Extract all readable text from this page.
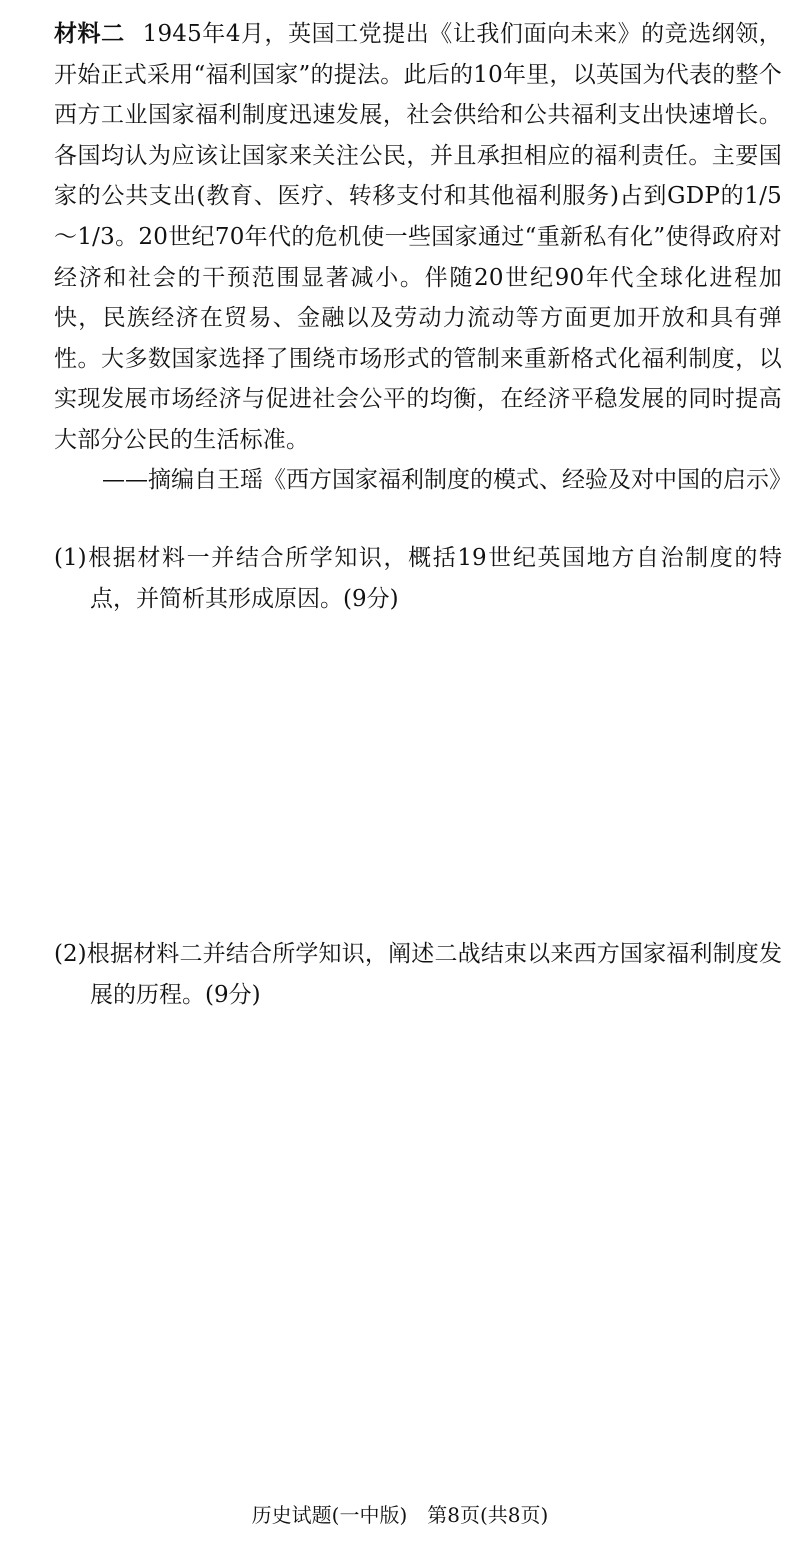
材料二 1945年4月，英国工党提出《让我们面向未来》的竞选纲领，开始正式采用“福利国家”的提法。此后的10年里，以英国为代表的整个西方工业国家福利制度迅速发展，社会供给和公共福利支出快速增长。各国均认为应该让国家来关注公民，并且承担相应的福利责任。主要国家的公共支出(教育、医疗、转移支付和其他福利服务)占到GDP的1/5～1/3。20世纪70年代的危机使一些国家通过“重新私有化”使得政府对经济和社会的干预范围显著减小。伴随20世纪90年代全球化进程加快，民族经济在贸易、金融以及劳动力流动等方面更加开放和具有弹性。大多数国家选择了围绕市场形式的管制来重新格式化福利制度，以实现发展市场经济与促进社会公平的均衡，在经济平稳发展的同时提高大部分公民的生活标准。
——摘编自王瑶《西方国家福利制度的模式、经验及对中国的启示》
(1)根据材料一并结合所学知识，概括19世纪英国地方自治制度的特点，并简析其形成原因。(9分)
(2)根据材料二并结合所学知识，阐述二战结束以来西方国家福利制度发展的历程。(9分)
历史试题(一中版)　第8页(共8页)
